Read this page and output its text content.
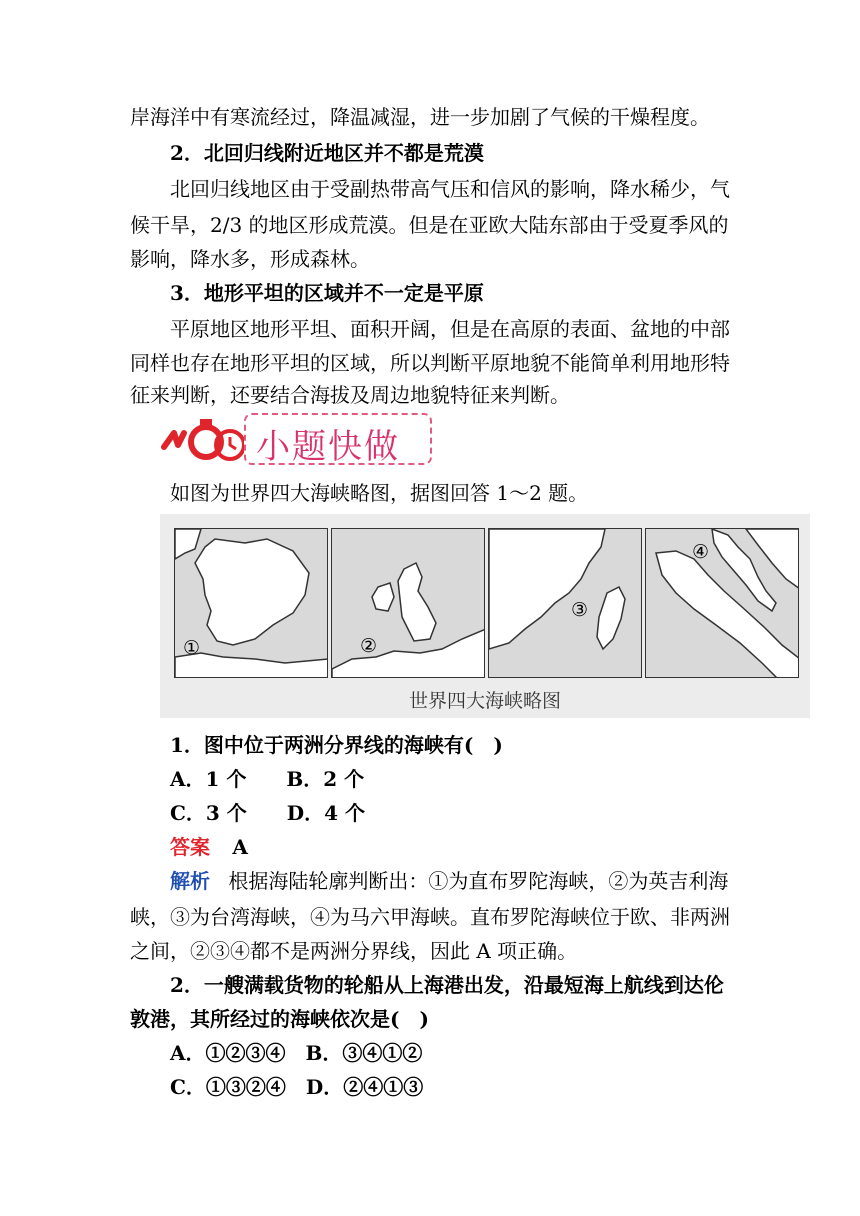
岸海洋中有寒流经过，降温减湿，进一步加剧了气候的干燥程度。
2．北回归线附近地区并不都是荒漠
北回归线地区由于受副热带高气压和信风的影响，降水稀少，气
候干旱，2/3 的地区形成荒漠。但是在亚欧大陆东部由于受夏季风的
影响，降水多，形成森林。
3．地形平坦的区域并不一定是平原
平原地区地形平坦、面积开阔，但是在高原的表面、盆地的中部
同样也存在地形平坦的区域，所以判断平原地貌不能简单利用地形特
征来判断，还要结合海拔及周边地貌特征来判断。
小题快做
如图为世界四大海峡略图，据图回答 1～2 题。
①	②
③
④
世界四大海峡略图
1．图中位于两洲分界线的海峡有(　)
A．1 个　　B．2 个
C．3 个　　D．4 个
答案 A
解析 根据海陆轮廓判断出：①为直布罗陀海峡，②为英吉利海
峡，③为台湾海峡，④为马六甲海峡。直布罗陀海峡位于欧、非两洲
之间，②③④都不是两洲分界线，因此 A 项正确。
2．一艘满载货物的轮船从上海港出发，沿最短海上航线到达伦
敦港，其所经过的海峡依次是(　)
A．①②③④　B．③④①②
C．①③②④　D．②④①③
